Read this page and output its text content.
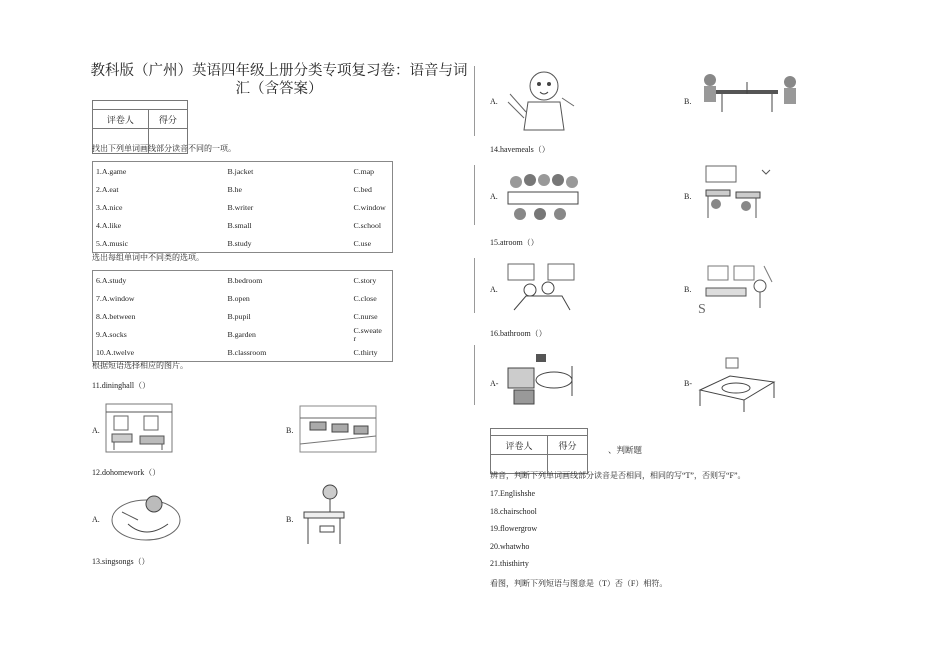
教科版（广州）英语四年级上册分类专项复习卷：语音与词
汇（含答案）

评卷人	得分

找出下列单词画线部分读音不同的一项。
1.A.game	B.jacket	C.map
2.A.eat	B.he	C.bed
3.A.nice	B.writer	C.window
4.A.like	B.small	C.school
5.A.music	B.study	C.use
选出每组单词中不同类的选项。
6.A.study	B.bedroom	C.story
7.A.window	B.open	C.close
8.A.between	B.pupil	C.nurse
9.A.socks	B.garden	C.sweate
r

10.A.twelve	B.classroom	C.thirty
根据短语选择相应的图片。
11.dininghall（）
A.	B.
12.dohomework（）
A.	B.
13.singsongs（）
A.	B.
14.havemeals（）
A.	B.
15.atroom（）
A.	B.
S
16.bathroom（）
A-	B-

评卷人	得分
		、判断题
辨音，判断下列单词画线部分读音是否相同，相同的写“T”，否则写“F”。
17.Englishshe
18.chairschool
19.flowergrow
20.whatwho
21.thisthirty
看图，判断下列短语与图意是（T）否（F）相符。
